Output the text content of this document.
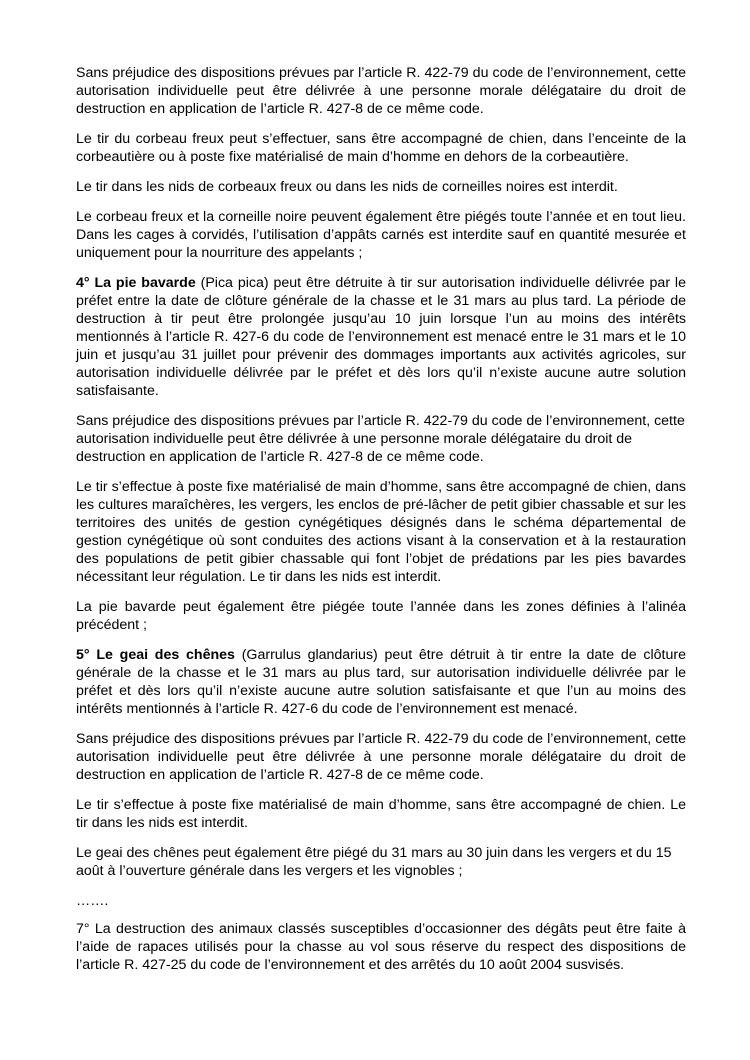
Sans préjudice des dispositions prévues par l’article R. 422-79 du code de l’environnement, cette autorisation individuelle peut être délivrée à une personne morale délégataire du droit de destruction en application de l’article R. 427-8 de ce même code.

Le tir du corbeau freux peut s’effectuer, sans être accompagné de chien, dans l’enceinte de la corbeautière ou à poste fixe matérialisé de main d’homme en dehors de la corbeautière.

Le tir dans les nids de corbeaux freux ou dans les nids de corneilles noires est interdit.

Le corbeau freux et la corneille noire peuvent également être piégés toute l’année et en tout lieu. Dans les cages à corvidés, l’utilisation d’appâts carnés est interdite sauf en quantité mesurée et uniquement pour la nourriture des appelants ;

4° La pie bavarde (Pica pica) peut être détruite à tir sur autorisation individuelle délivrée par le préfet entre la date de clôture générale de la chasse et le 31 mars au plus tard. La période de destruction à tir peut être prolongée jusqu’au 10 juin lorsque l’un au moins des intérêts mentionnés à l’article R. 427-6 du code de l’environnement est menacé entre le 31 mars et le 10 juin et jusqu’au 31 juillet pour prévenir des dommages importants aux activités agricoles, sur autorisation individuelle délivrée par le préfet et dès lors qu’il n’existe aucune autre solution satisfaisante.

Sans préjudice des dispositions prévues par l’article R. 422-79 du code de l’environnement, cette autorisation individuelle peut être délivrée à une personne morale délégataire du droit de destruction en application de l’article R. 427-8 de ce même code.

Le tir s’effectue à poste fixe matérialisé de main d’homme, sans être accompagné de chien, dans les cultures maraîchères, les vergers, les enclos de pré-lâcher de petit gibier chassable et sur les territoires des unités de gestion cynégétiques désignés dans le schéma départemental de gestion cynégétique où sont conduites des actions visant à la conservation et à la restauration des populations de petit gibier chassable qui font l’objet de prédations par les pies bavardes nécessitant leur régulation. Le tir dans les nids est interdit.

La pie bavarde peut également être piégée toute l’année dans les zones définies à l’alinéa précédent ;

5° Le geai des chênes (Garrulus glandarius) peut être détruit à tir entre la date de clôture générale de la chasse et le 31 mars au plus tard, sur autorisation individuelle délivrée par le préfet et dès lors qu’il n’existe aucune autre solution satisfaisante et que l’un au moins des intérêts mentionnés à l’article R. 427-6 du code de l’environnement est menacé.

Sans préjudice des dispositions prévues par l’article R. 422-79 du code de l’environnement, cette autorisation individuelle peut être délivrée à une personne morale délégataire du droit de destruction en application de l’article R. 427-8 de ce même code.

Le tir s’effectue à poste fixe matérialisé de main d’homme, sans être accompagné de chien. Le tir dans les nids est interdit.

Le geai des chênes peut également être piégé du 31 mars au 30 juin dans les vergers et du 15 août à l’ouverture générale dans les vergers et les vignobles ;

…….

7° La destruction des animaux classés susceptibles d’occasionner des dégâts peut être faite à l’aide de rapaces utilisés pour la chasse au vol sous réserve du respect des dispositions de l’article R. 427-25 du code de l’environnement et des arrêtés du 10 août 2004 susvisés.
